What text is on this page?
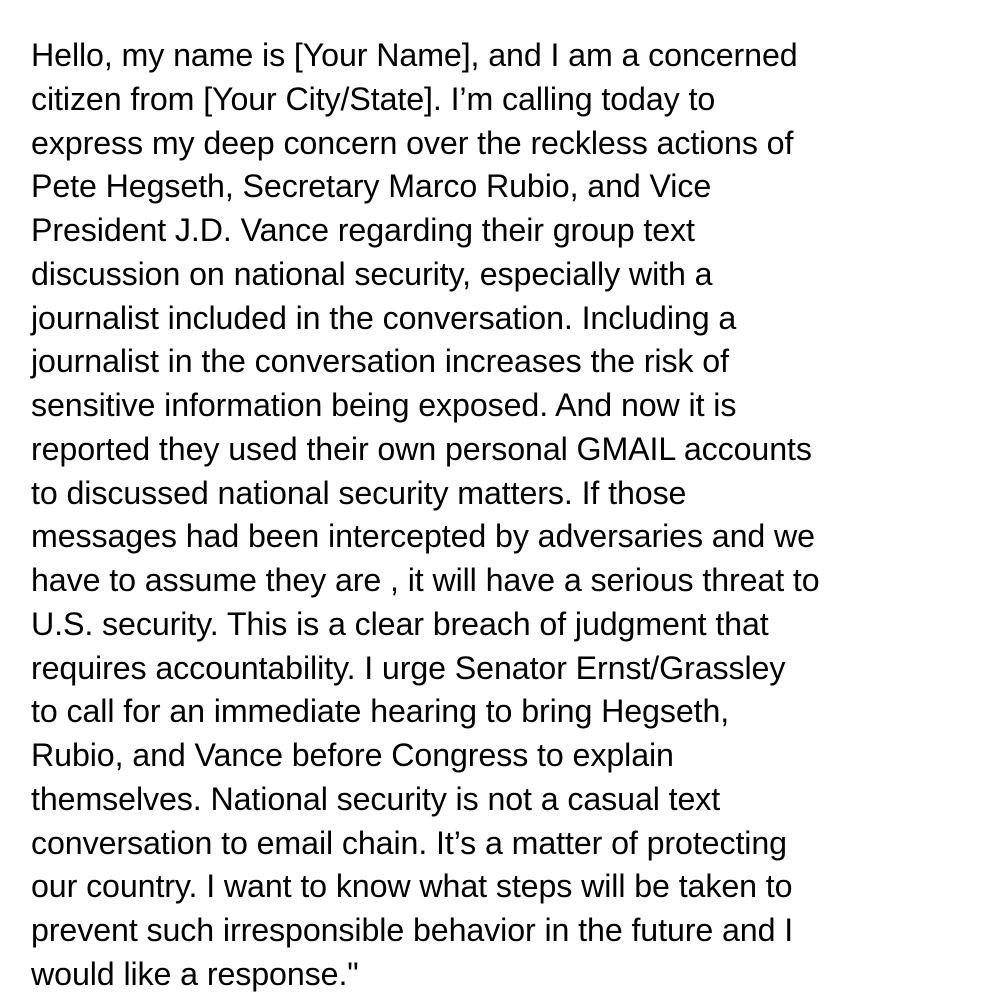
Hello, my name is [Your Name], and I am a concerned
citizen from [Your City/State]. I’m calling today to
express my deep concern over the reckless actions of
Pete Hegseth, Secretary Marco Rubio, and Vice
President J.D. Vance regarding their group text
discussion on national security, especially with a
journalist included in the conversation. Including a
journalist in the conversation increases the risk of
sensitive information being exposed. And now it is
reported they used their own personal GMAIL accounts
to discussed national security matters. If those
messages had been intercepted by adversaries and we
have to assume they are , it will have a serious threat to
U.S. security. This is a clear breach of judgment that
requires accountability. I urge Senator Ernst/Grassley
to call for an immediate hearing to bring Hegseth,
Rubio, and Vance before Congress to explain
themselves. National security is not a casual text
conversation to email chain. It’s a matter of protecting
our country. I want to know what steps will be taken to
prevent such irresponsible behavior in the future and I
would like a response."
